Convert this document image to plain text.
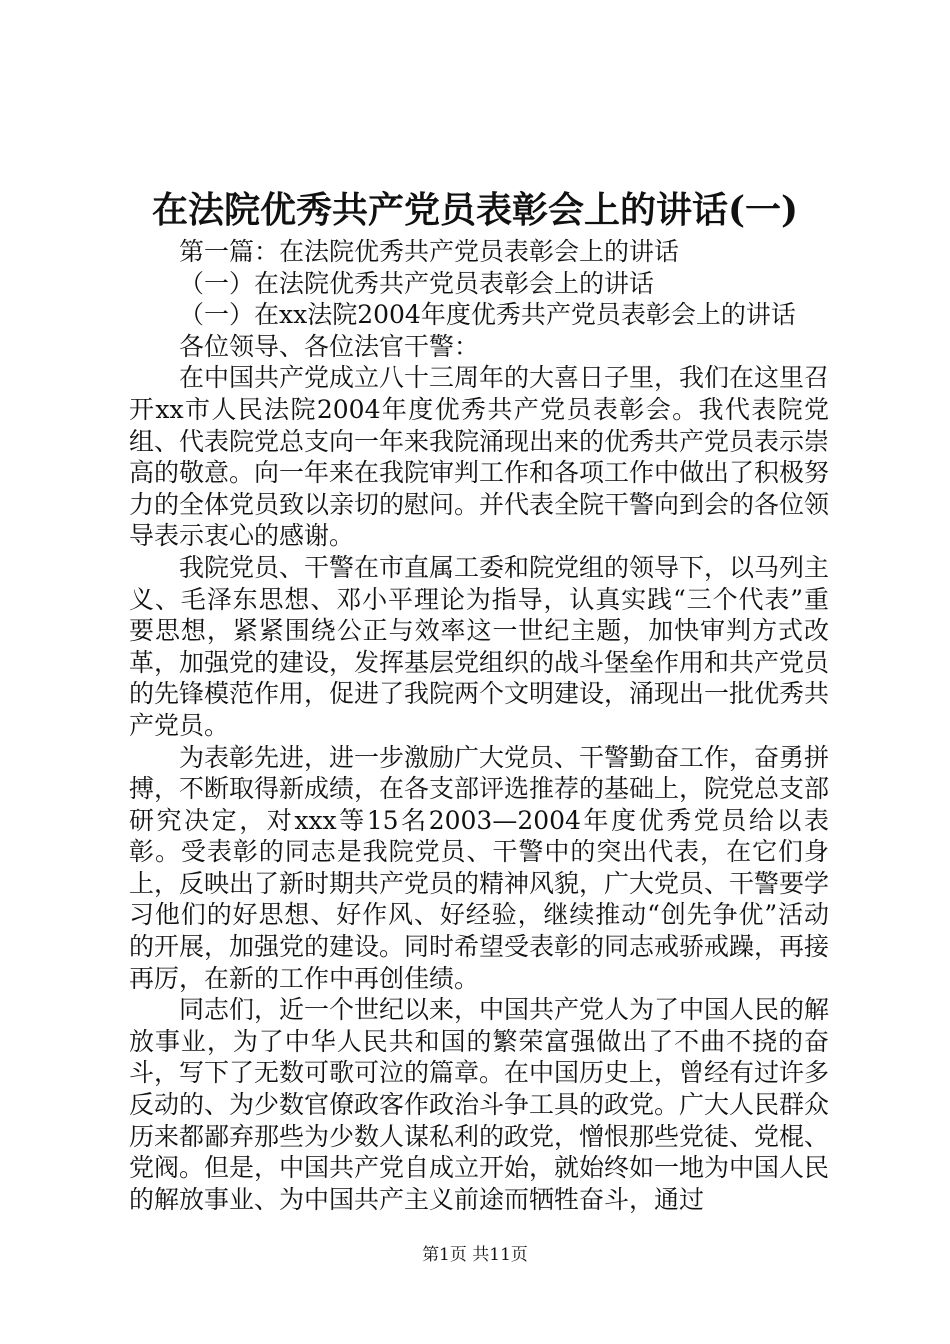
在法院优秀共产党员表彰会上的讲话(一)

第一篇：在法院优秀共产党员表彰会上的讲话

（一）在法院优秀共产党员表彰会上的讲话

（一）在xx法院2004年度优秀共产党员表彰会上的讲话

各位领导、各位法官干警：

在中国共产党成立八十三周年的大喜日子里，我们在这里召开xx市人民法院2004年度优秀共产党员表彰会。我代表院党组、代表院党总支向一年来我院涌现出来的优秀共产党员表示崇高的敬意。向一年来在我院审判工作和各项工作中做出了积极努力的全体党员致以亲切的慰问。并代表全院干警向到会的各位领导表示衷心的感谢。

我院党员、干警在市直属工委和院党组的领导下，以马列主义、毛泽东思想、邓小平理论为指导，认真实践“三个代表”重要思想，紧紧围绕公正与效率这一世纪主题，加快审判方式改革，加强党的建设，发挥基层党组织的战斗堡垒作用和共产党员的先锋模范作用，促进了我院两个文明建设，涌现出一批优秀共产党员。

为表彰先进，进一步激励广大党员、干警勤奋工作，奋勇拼搏，不断取得新成绩，在各支部评选推荐的基础上，院党总支部研究决定，对xxx等15名2003—2004年度优秀党员给以表彰。受表彰的同志是我院党员、干警中的突出代表，在它们身上，反映出了新时期共产党员的精神风貌，广大党员、干警要学习他们的好思想、好作风、好经验，继续推动“创先争优”活动的开展，加强党的建设。同时希望受表彰的同志戒骄戒躁，再接再厉，在新的工作中再创佳绩。

同志们，近一个世纪以来，中国共产党人为了中国人民的解放事业，为了中华人民共和国的繁荣富强做出了不曲不挠的奋斗，写下了无数可歌可泣的篇章。在中国历史上，曾经有过许多反动的、为少数官僚政客作政治斗争工具的政党。广大人民群众历来都鄙弃那些为少数人谋私利的政党，憎恨那些党徒、党棍、党阀。但是，中国共产党自成立开始，就始终如一地为中国人民的解放事业、为中国共产主义前途而牺牲奋斗，通过

第1页 共11页
